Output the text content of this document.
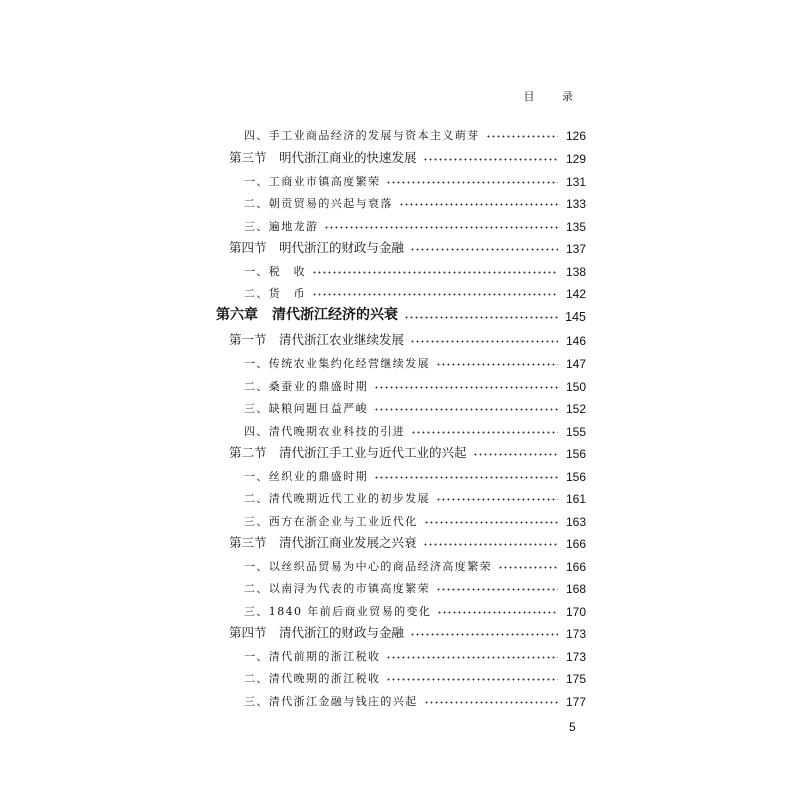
目 录
四、手工业商品经济的发展与资本主义萌芽	126
第三节　明代浙江商业的快速发展	129
一、工商业市镇高度繁荣	131
二、朝贡贸易的兴起与衰落	133
三、遍地龙游	135
第四节　明代浙江的财政与金融	137
一、税　收	138
二、货　币	142
第六章　清代浙江经济的兴衰	145
第一节　清代浙江农业继续发展	146
一、传统农业集约化经营继续发展	147
二、桑蚕业的鼎盛时期	150
三、缺粮问题日益严峻	152
四、清代晚期农业科技的引进	155
第二节　清代浙江手工业与近代工业的兴起	156
一、丝织业的鼎盛时期	156
二、清代晚期近代工业的初步发展	161
三、西方在浙企业与工业近代化	163
第三节　清代浙江商业发展之兴衰	166
一、以丝织品贸易为中心的商品经济高度繁荣	166
二、以南浔为代表的市镇高度繁荣	168
三、1840 年前后商业贸易的变化	170
第四节　清代浙江的财政与金融	173
一、清代前期的浙江税收	173
二、清代晚期的浙江税收	175
三、清代浙江金融与钱庄的兴起	177
5
